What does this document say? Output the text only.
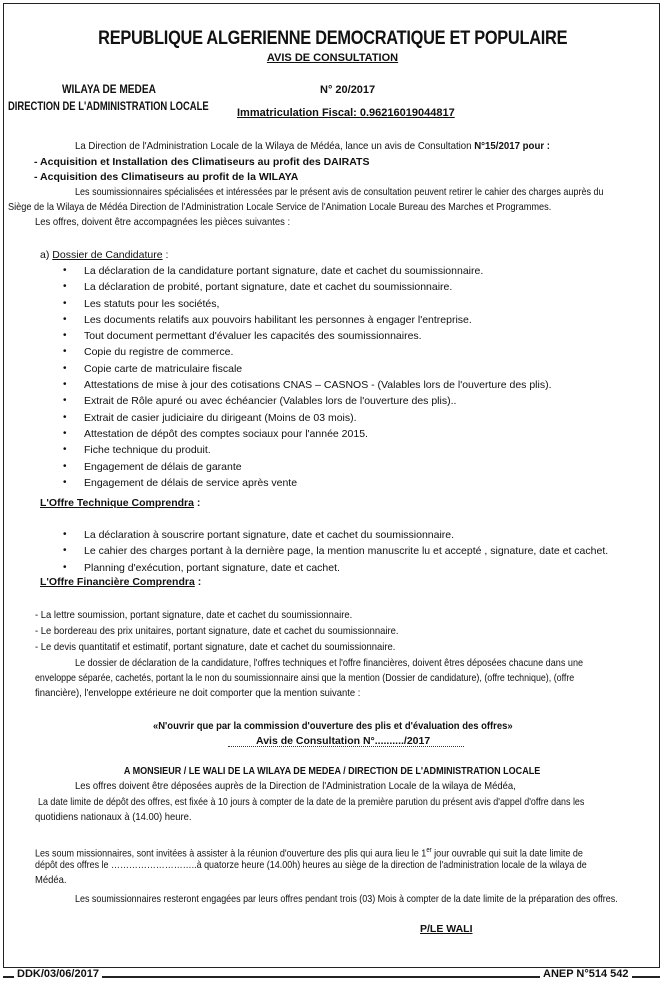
REPUBLIQUE ALGERIENNE DEMOCRATIQUE ET POPULAIRE
AVIS DE CONSULTATION
WILAYA DE MEDEA
DIRECTION DE L'ADMINISTRATION LOCALE
N° 20/2017
Immatriculation Fiscal: 0.96216019044817
La Direction de l'Administration Locale de la Wilaya de Médéa, lance un avis de Consultation N°15/2017 pour :
- Acquisition et Installation des Climatiseurs au profit des DAIRATS
- Acquisition des Climatiseurs au profit de la WILAYA
Les soumissionnaires spécialisées et intéressées par le présent avis de consultation peuvent retirer le cahier des charges auprès du
Siège de la Wilaya de Médéa Direction de l'Administration Locale Service de l'Animation Locale Bureau des Marches et Programmes.
Les offres, doivent être accompagnées les pièces suivantes :
a) Dossier de Candidature :
• La déclaration de la candidature portant signature, date et cachet du soumissionnaire.
• La déclaration de probité, portant signature, date et cachet du soumissionnaire.
• Les statuts pour les sociétés,
• Les documents relatifs aux pouvoirs habilitant les personnes à engager l'entreprise.
• Tout document permettant d'évaluer les capacités des soumissionnaires.
• Copie du registre de commerce.
• Copie carte de matriculaire fiscale
• Attestations de mise à jour des cotisations CNAS – CASNOS - (Valables lors de l'ouverture des plis).
• Extrait de Rôle apuré ou avec échéancier (Valables lors de l'ouverture des plis)..
• Extrait de casier judiciaire du dirigeant (Moins de 03 mois).
• Attestation de dépôt des comptes sociaux pour l'année 2015.
• Fiche technique du produit.
• Engagement de délais de garante
• Engagement de délais de service après vente
L'Offre Technique Comprendra :
• La déclaration à souscrire portant signature, date et cachet du soumissionnaire.
• Le cahier des charges portant à la dernière page, la mention manuscrite lu et accepté , signature, date et cachet.
• Planning d'exécution, portant signature, date et cachet.
L'Offre Financière Comprendra :
- La lettre soumission, portant signature, date et cachet du soumissionnaire.
- Le bordereau des prix unitaires, portant signature, date et cachet du soumissionnaire.
- Le devis quantitatif et estimatif, portant signature, date et cachet du soumissionnaire.
Le dossier de déclaration de la candidature, l'offres techniques et l'offre financières, doivent êtres déposées chacune dans une
enveloppe séparée, cachetés, portant la le non du soumissionnaire ainsi que la mention (Dossier de candidature), (offre technique), (offre
financière), l'enveloppe extérieure ne doit comporter que la mention suivante :
«N'ouvrir que par la commission d'ouverture des plis et d'évaluation des offres»
Avis de Consultation N°........../2017
A MONSIEUR / LE WALI DE LA WILAYA DE MEDEA / DIRECTION DE L'ADMINISTRATION LOCALE
Les offres doivent être déposées auprès de la Direction de l'Administration Locale de la wilaya de Médéa,
La date limite de dépôt des offres, est fixée à 10 jours à compter de la date de la première parution du présent avis d'appel d'offre dans les
quotidiens nationaux à (14.00) heure.
Les soum missionnaires, sont invitées à assister à la réunion d'ouverture des plis qui aura lieu le 1er jour ouvrable qui suit la date limite de
dépôt des offres le ………………………..à quatorze heure (14.00h) heures au siège de la direction de l'administration locale de la wilaya de
Médéa.
Les soumissionnaires resteront engagées par leurs offres pendant trois (03) Mois à compter de la date limite de la préparation des offres.
P/LE WALI
DDK/03/06/2017	ANEP N°514 542
